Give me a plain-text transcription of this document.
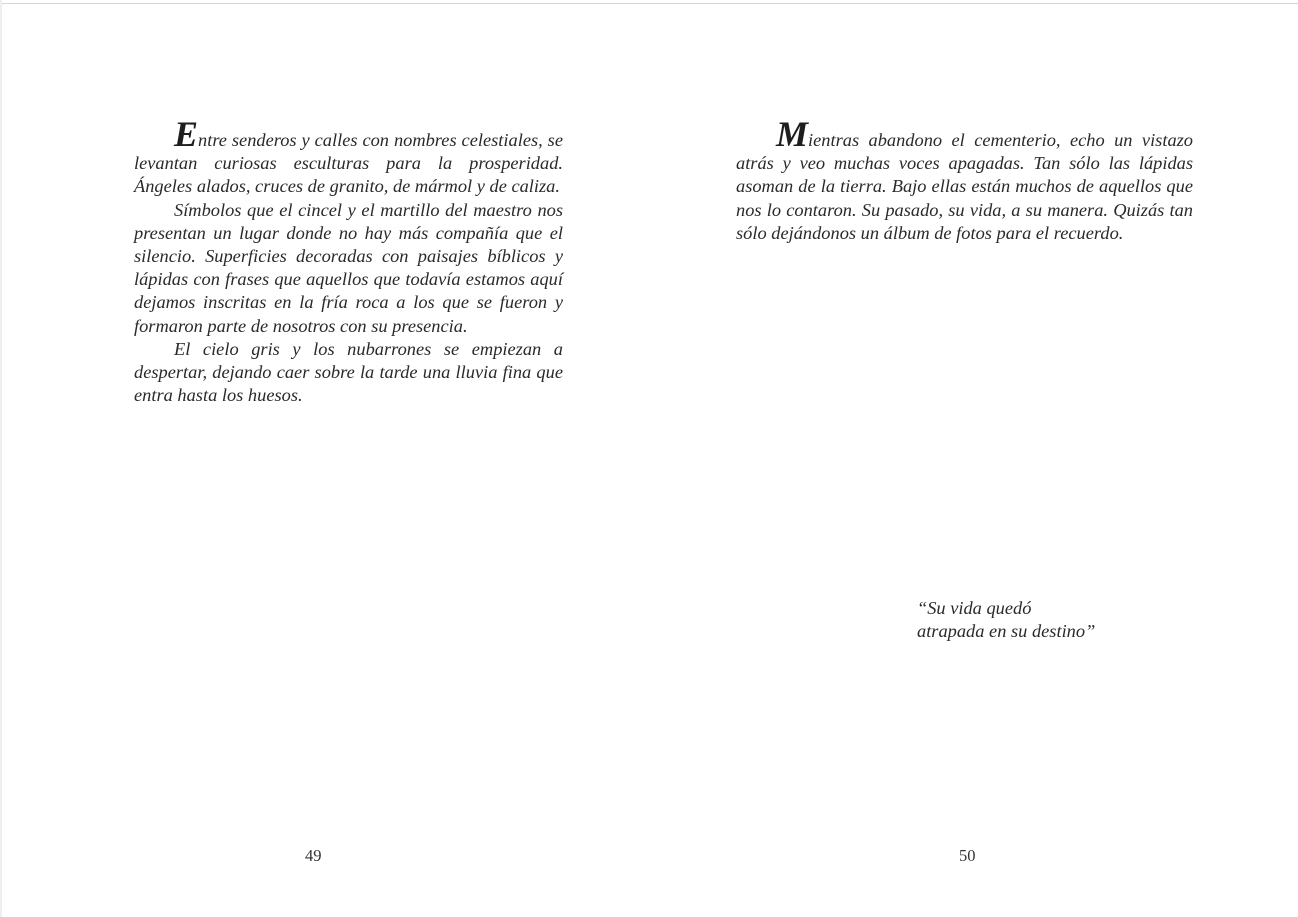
Entre senderos y calles con nombres celestiales, se levantan curiosas esculturas para la prosperidad. Ángeles alados, cruces de granito, de mármol y de caliza.

Símbolos que el cincel y el martillo del maestro nos presentan un lugar donde no hay más compañía que el silencio. Superficies decoradas con paisajes bíblicos y lápidas con frases que aquellos que todavía estamos aquí dejamos inscritas en la fría roca a los que se fueron y formaron parte de nosotros con su presencia.

El cielo gris y los nubarrones se empiezan a despertar, dejando caer sobre la tarde una lluvia fina que entra hasta los huesos.

49

Mientras abandono el cementerio, echo un vistazo atrás y veo muchas voces apagadas. Tan sólo las lápidas asoman de la tierra. Bajo ellas están muchos de aquellos que nos lo contaron. Su pasado, su vida, a su manera. Quizás tan sólo dejándonos un álbum de fotos para el recuerdo.

“Su vida quedó
atrapada en su destino”
50
